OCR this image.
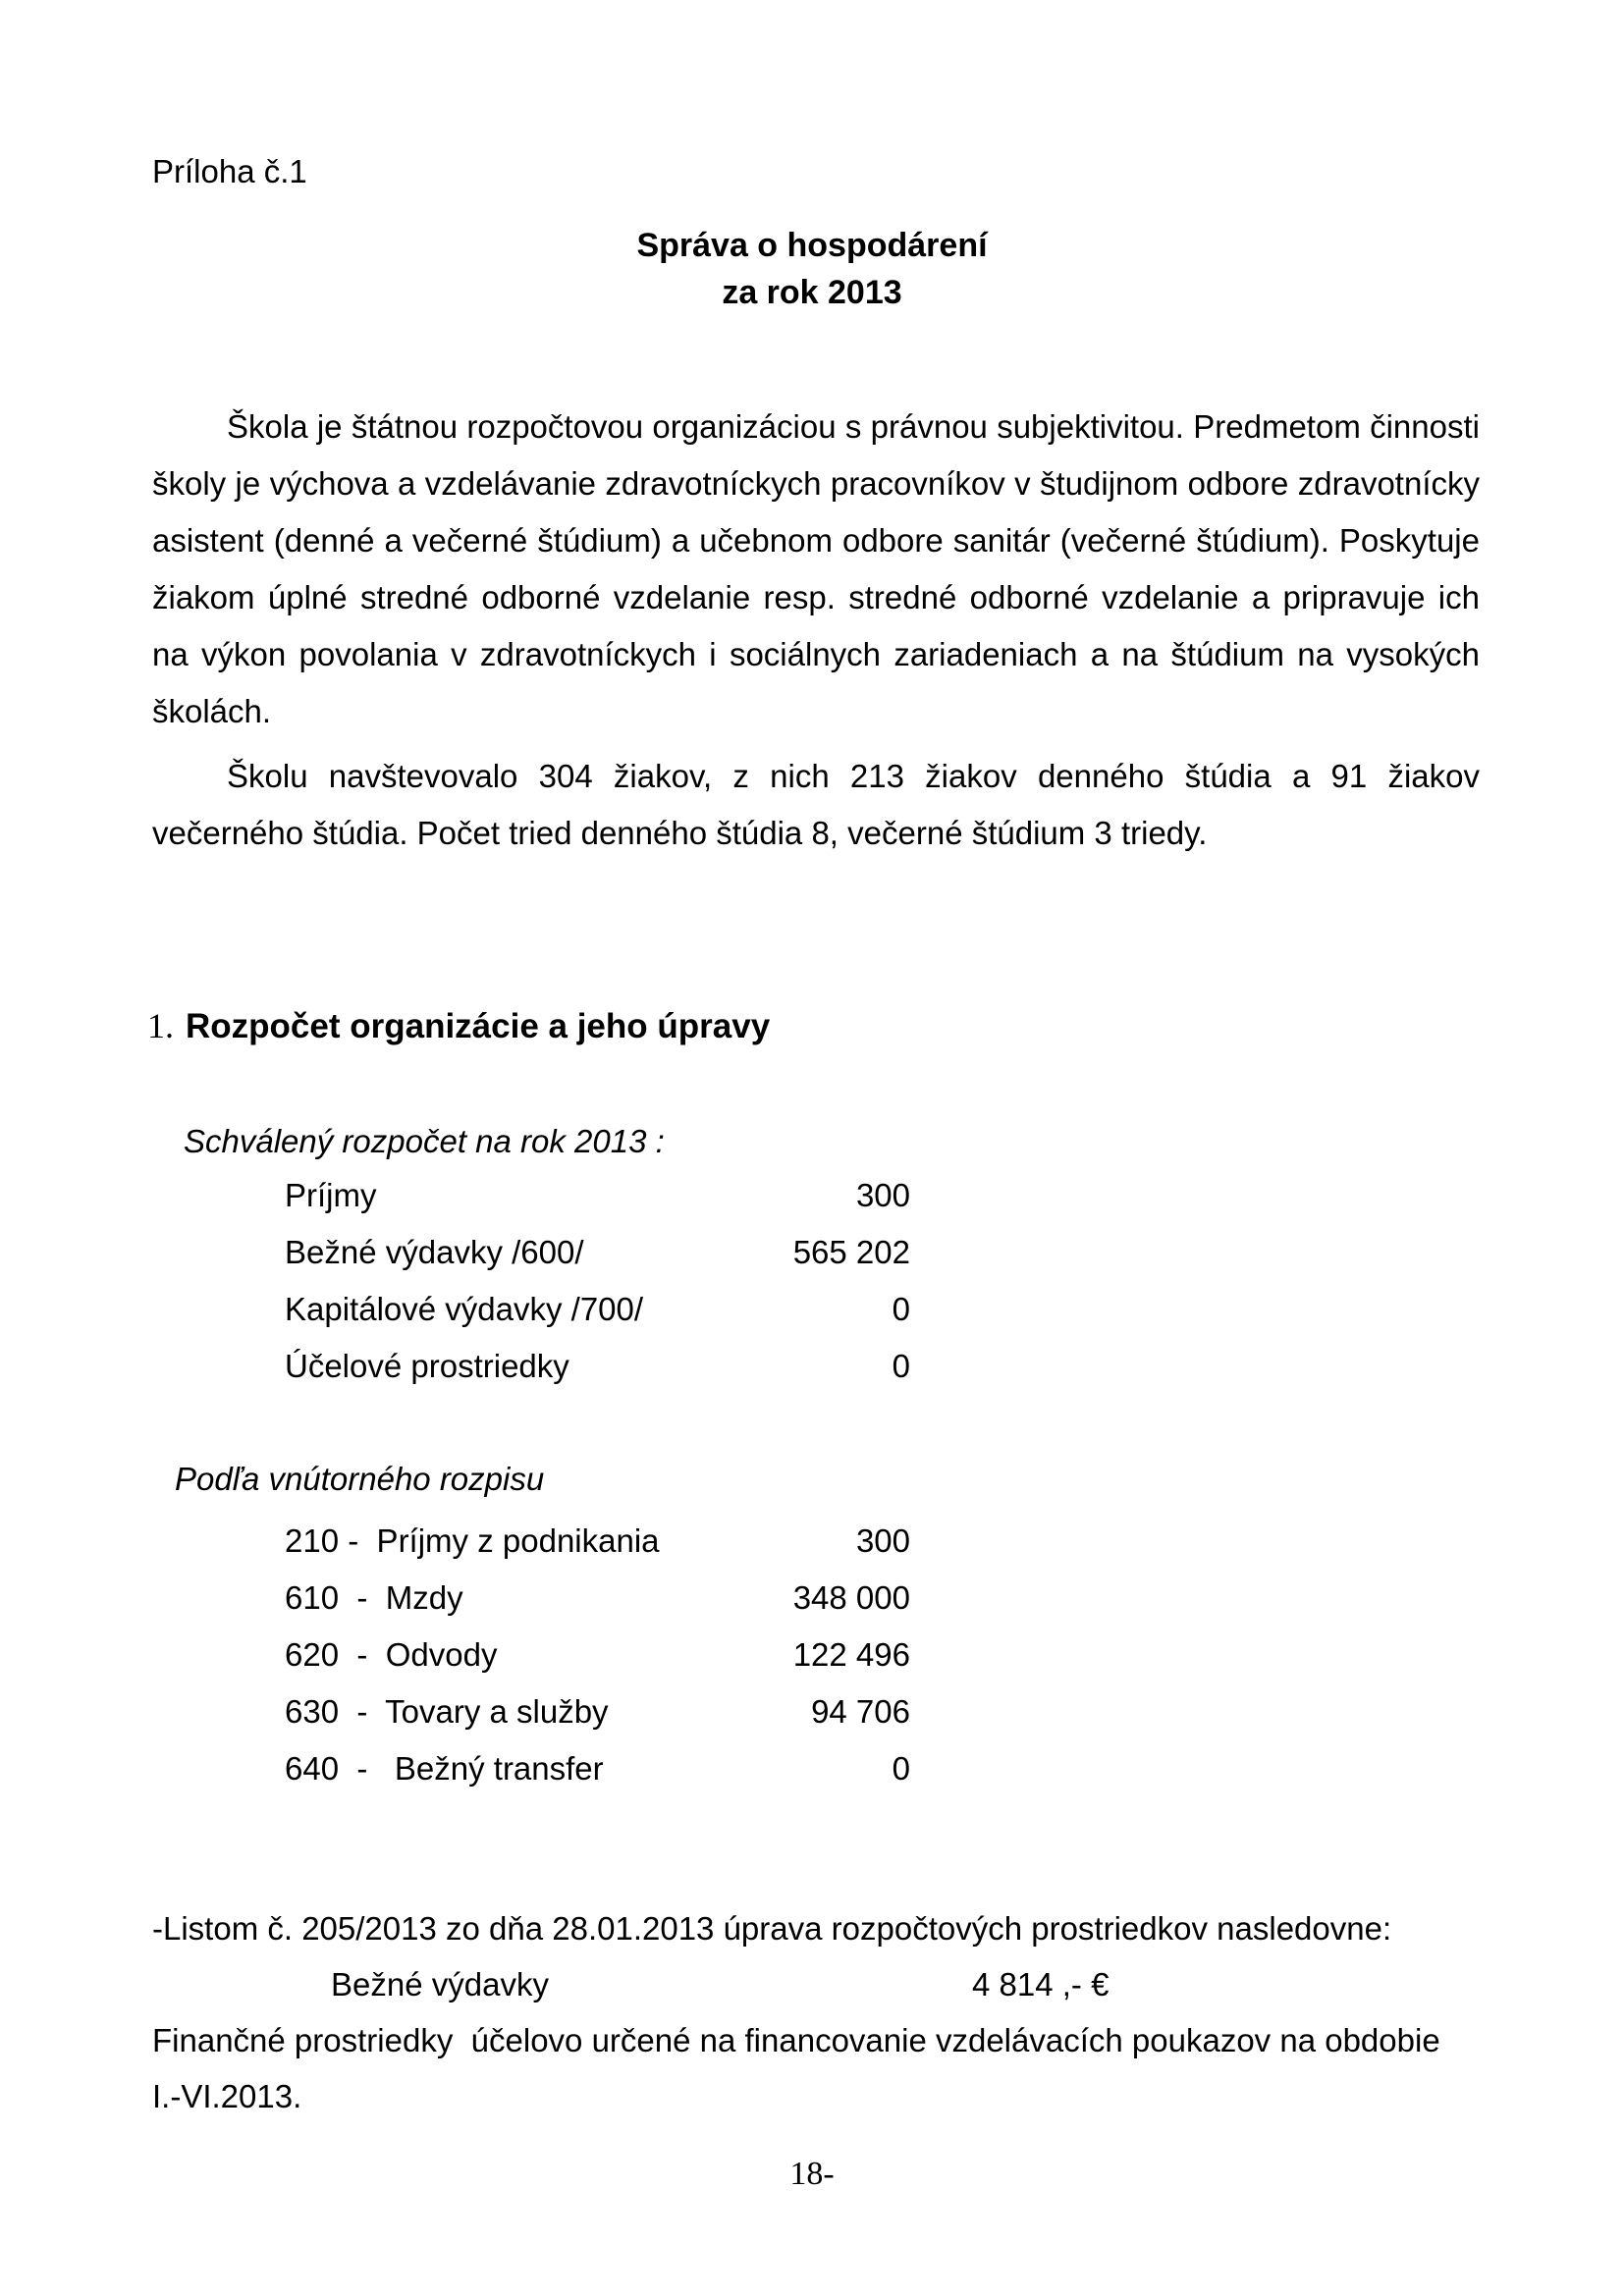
Príloha č.1
Správa o hospodárení
za rok 2013
Škola je štátnou rozpočtovou organizáciou s právnou subjektivitou. Predmetom činnosti školy je výchova a vzdelávanie zdravotníckych pracovníkov v študijnom odbore zdravotnícky asistent (denné a večerné štúdium) a učebnom odbore sanitár (večerné štúdium). Poskytuje žiakom úplné stredné odborné vzdelanie resp. stredné odborné vzdelanie a pripravuje ich na výkon povolania v zdravotníckych i sociálnych zariadeniach a na štúdium na vysokých školách.
Školu navštevovalo 304 žiakov, z nich 213 žiakov denného štúdia a 91 žiakov večerného štúdia. Počet tried denného štúdia 8, večerné štúdium 3 triedy.
1. Rozpočet organizácie a jeho úpravy
Schválený rozpočet na rok 2013 :
Príjmy	300
Bežné výdavky /600/	565 202
Kapitálové výdavky /700/	0
Účelové prostriedky	0
Podľa vnútorného rozpisu
210 -  Príjmy z podnikania	300
610  -  Mzdy	348 000
620  -  Odvody	122 496
630  -  Tovary a služby	94 706
640  -   Bežný transfer	0
-Listom č. 205/2013 zo dňa 28.01.2013 úprava rozpočtových prostriedkov nasledovne:
Bežné výdavky	4 814 ,- €
Finančné prostriedky  účelovo určené na financovanie vzdelávacích poukazov na obdobie
I.-VI.2013.
18-
